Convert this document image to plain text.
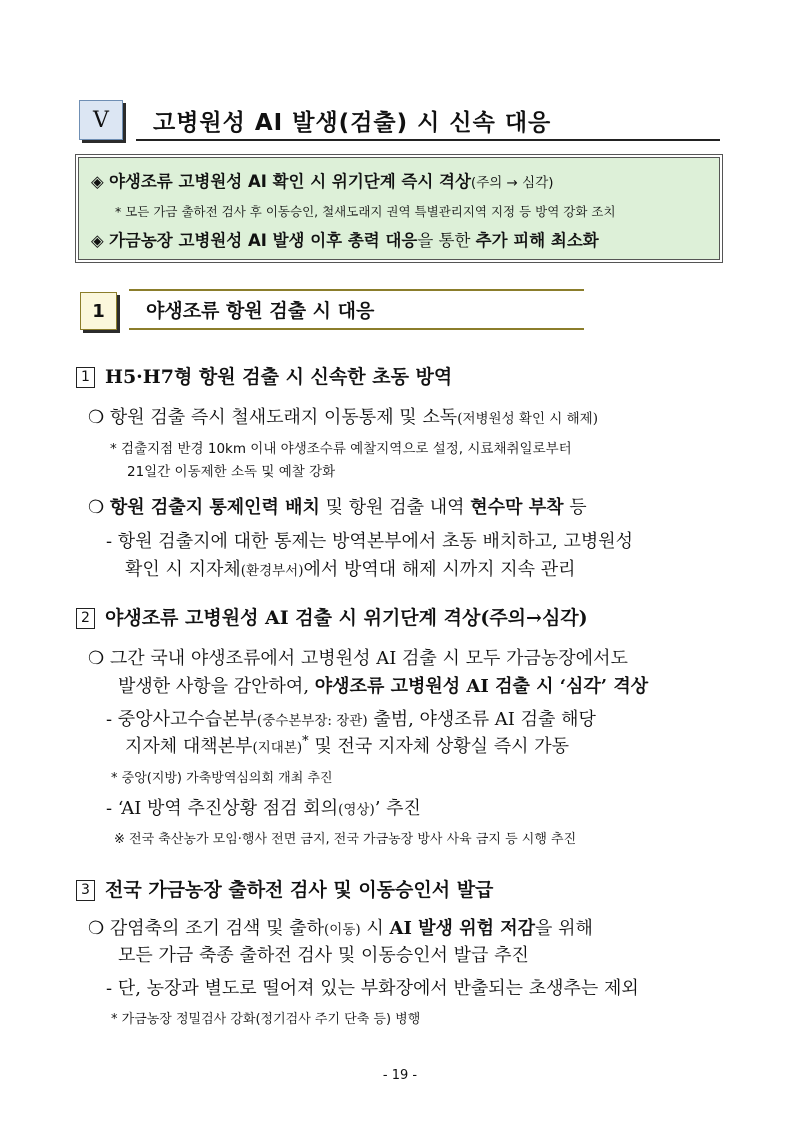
Ⅴ 고병원성 AI 발생(검출) 시 신속 대응
◈ 야생조류 고병원성 AI 확인 시 위기단계 즉시 격상(주의 → 심각)
* 모든 가금 출하전 검사 후 이동승인, 철새도래지 권역 특별관리지역 지정 등 방역 강화 조치
◈ 가금농장 고병원성 AI 발생 이후 총력 대응을 통한 추가 피해 최소화
1 야생조류 항원 검출 시 대응
1 H5·H7형 항원 검출 시 신속한 초동 방역
❍ 항원 검출 즉시 철새도래지 이동통제 및 소독(저병원성 확인 시 해제)
* 검출지점 반경 10km 이내 야생조수류 예찰지역으로 설정, 시료채취일로부터
21일간 이동제한 소독 및 예찰 강화
❍ 항원 검출지 통제인력 배치 및 항원 검출 내역 현수막 부착 등
- 항원 검출지에 대한 통제는 방역본부에서 초동 배치하고, 고병원성
확인 시 지자체(환경부서)에서 방역대 해제 시까지 지속 관리
2 야생조류 고병원성 AI 검출 시 위기단계 격상(주의→심각)
❍ 그간 국내 야생조류에서 고병원성 AI 검출 시 모두 가금농장에서도
발생한 사항을 감안하여, 야생조류 고병원성 AI 검출 시 ‘심각’ 격상
- 중앙사고수습본부(중수본부장: 장관) 출범, 야생조류 AI 검출 해당
지자체 대책본부(지대본)* 및 전국 지자체 상황실 즉시 가동
* 중앙(지방) 가축방역심의회 개최 추진
- ‘AI 방역 추진상황 점검 회의(영상)’ 추진
※ 전국 축산농가 모임·행사 전면 금지, 전국 가금농장 방사 사육 금지 등 시행 추진
3 전국 가금농장 출하전 검사 및 이동승인서 발급
❍ 감염축의 조기 검색 및 출하(이동) 시 AI 발생 위험 저감을 위해
모든 가금 축종 출하전 검사 및 이동승인서 발급 추진
- 단, 농장과 별도로 떨어져 있는 부화장에서 반출되는 초생추는 제외
* 가금농장 정밀검사 강화(정기검사 주기 단축 등) 병행
- 19 -
